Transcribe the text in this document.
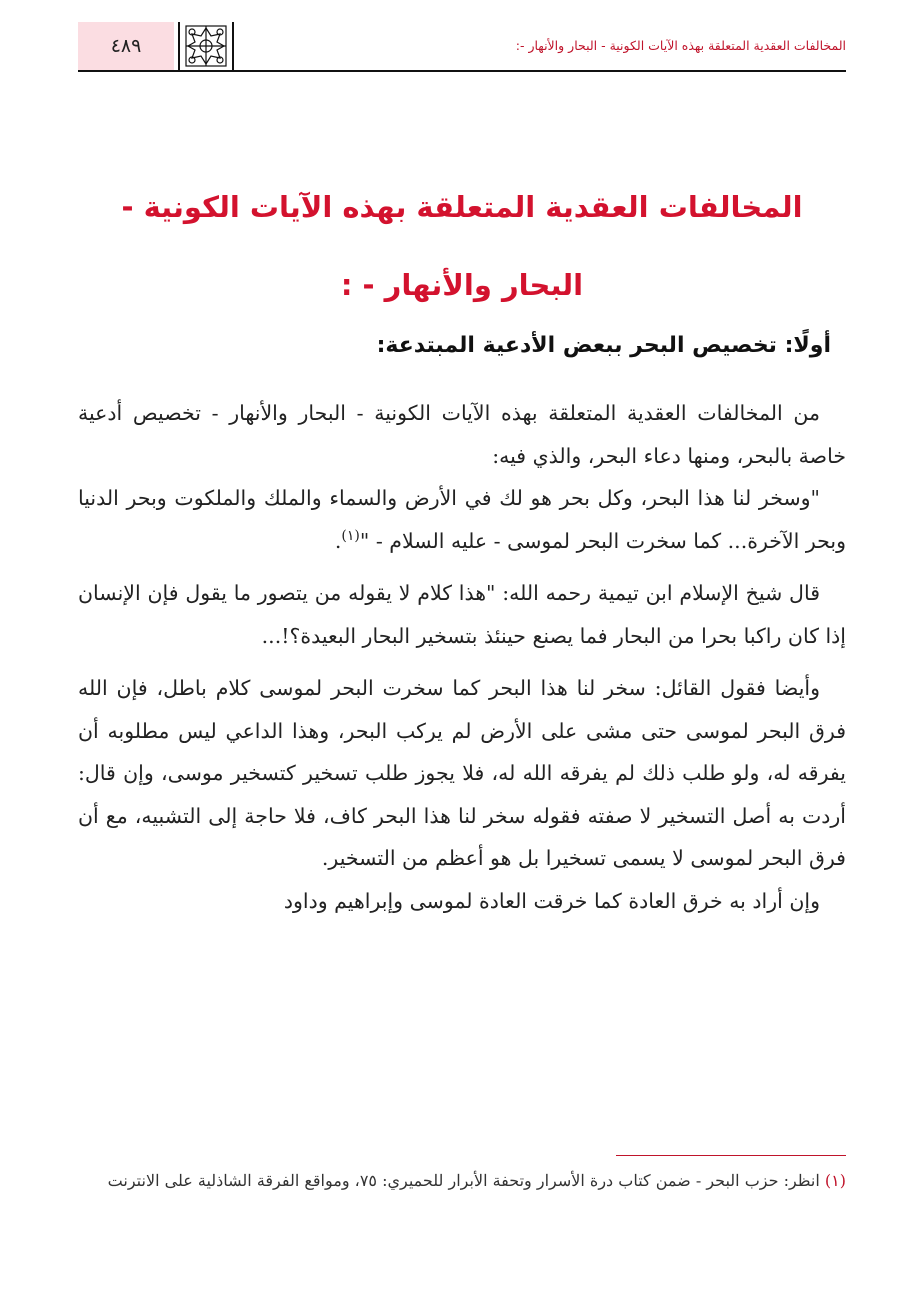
المخالفات العقدية المتعلقة بهذه الآيات الكونية - البحار والأنهار -:
٤٨٩
المخالفات العقدية المتعلقة بهذه الآيات الكونية -
البحار والأنهار - :
أولًا: تخصيص البحر ببعض الأدعية المبتدعة:

من المخالفات العقدية المتعلقة بهذه الآيات الكونية - البحار والأنهار - تخصيص أدعية خاصة بالبحر، ومنها دعاء البحر، والذي فيه:

"وسخر لنا هذا البحر، وكل بحر هو لك في الأرض والسماء والملك والملكوت وبحر الدنيا وبحر الآخرة... كما سخرت البحر لموسى - عليه السلام - "$^{(١)}$.

قال شيخ الإسلام ابن تيمية رحمه الله: "هذا كلام لا يقوله من يتصور ما يقول فإن الإنسان إذا كان راكبا بحرا من البحار فما يصنع حينئذ بتسخير البحار البعيدة؟!...

وأيضا فقول القائل: سخر لنا هذا البحر كما سخرت البحر لموسى كلام باطل، فإن الله فرق البحر لموسى حتى مشى على الأرض لم يركب البحر، وهذا الداعي ليس مطلوبه أن يفرقه له، ولو طلب ذلك لم يفرقه الله له، فلا يجوز طلب تسخير كتسخير موسى، وإن قال: أردت به أصل التسخير لا صفته فقوله سخر لنا هذا البحر كاف، فلا حاجة إلى التشبيه، مع أن فرق البحر لموسى لا يسمى تسخيرا بل هو أعظم من التسخير.

وإن أراد به خرق العادة كما خرقت العادة لموسى وإبراهيم وداود

(١) انظر: حزب البحر - ضمن كتاب درة الأسرار وتحفة الأبرار للحميري: ٧٥، ومواقع الفرقة الشاذلية على الانترنت
